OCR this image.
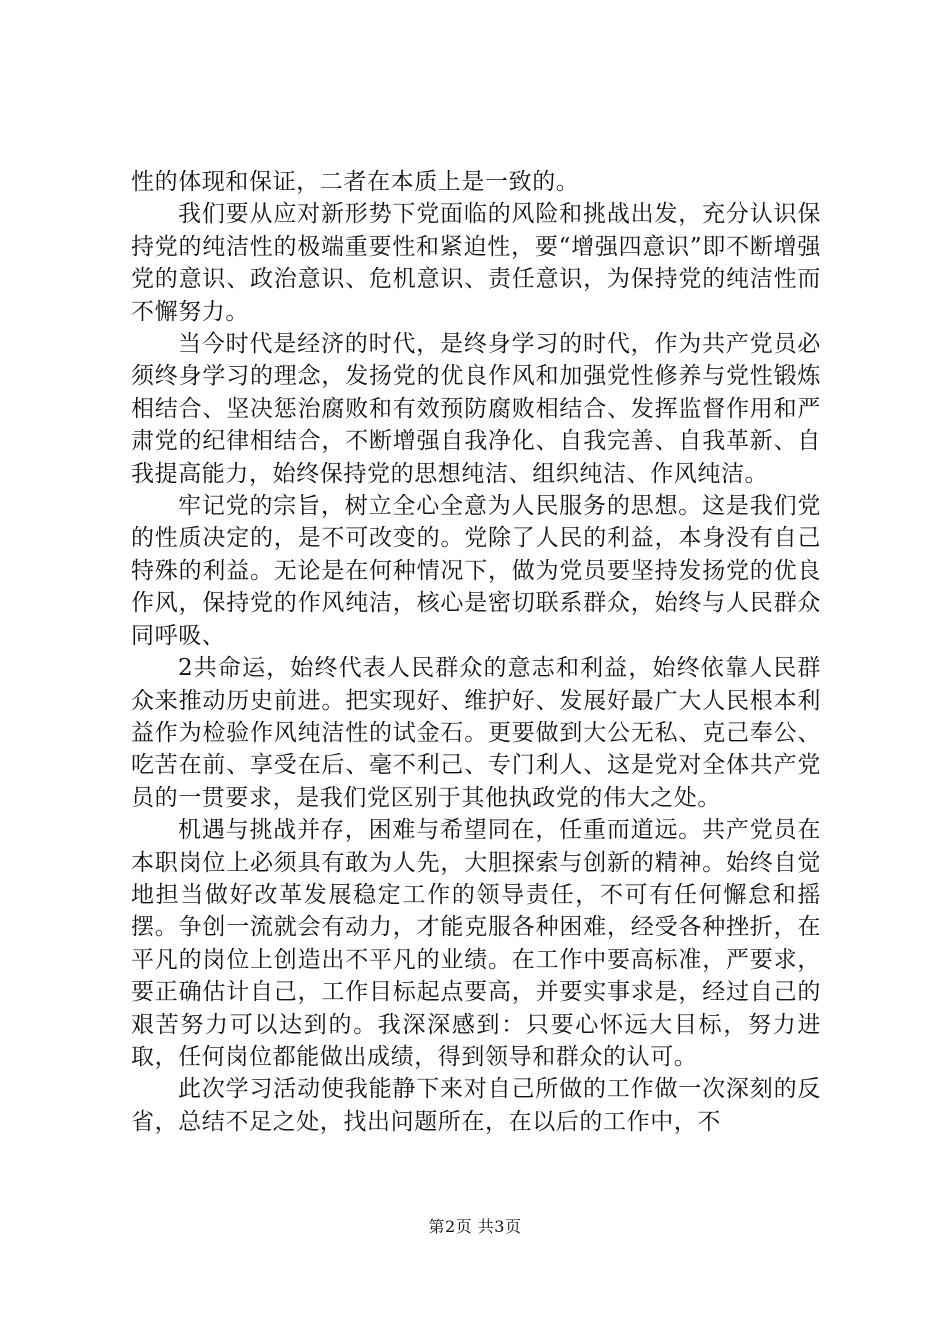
性的体现和保证，二者在本质上是一致的。

我们要从应对新形势下党面临的风险和挑战出发，充分认识保持党的纯洁性的极端重要性和紧迫性，要“增强四意识”即不断增强党的意识、政治意识、危机意识、责任意识，为保持党的纯洁性而不懈努力。

当今时代是经济的时代，是终身学习的时代，作为共产党员必须终身学习的理念，发扬党的优良作风和加强党性修养与党性锻炼相结合、坚决惩治腐败和有效预防腐败相结合、发挥监督作用和严肃党的纪律相结合，不断增强自我净化、自我完善、自我革新、自我提高能力，始终保持党的思想纯洁、组织纯洁、作风纯洁。

牢记党的宗旨，树立全心全意为人民服务的思想。这是我们党的性质决定的，是不可改变的。党除了人民的利益，本身没有自己特殊的利益。无论是在何种情况下，做为党员要坚持发扬党的优良作风，保持党的作风纯洁，核心是密切联系群众，始终与人民群众同呼吸、

2共命运，始终代表人民群众的意志和利益，始终依靠人民群众来推动历史前进。把实现好、维护好、发展好最广大人民根本利益作为检验作风纯洁性的试金石。更要做到大公无私、克己奉公、吃苦在前、享受在后、毫不利己、专门利人、这是党对全体共产党员的一贯要求，是我们党区别于其他执政党的伟大之处。

机遇与挑战并存，困难与希望同在，任重而道远。共产党员在本职岗位上必须具有敢为人先，大胆探索与创新的精神。始终自觉地担当做好改革发展稳定工作的领导责任，不可有任何懈怠和摇摆。争创一流就会有动力，才能克服各种困难，经受各种挫折，在平凡的岗位上创造出不平凡的业绩。在工作中要高标准，严要求，要正确估计自己，工作目标起点要高，并要实事求是，经过自己的艰苦努力可以达到的。我深深感到：只要心怀远大目标，努力进取，任何岗位都能做出成绩，得到领导和群众的认可。

此次学习活动使我能静下来对自己所做的工作做一次深刻的反省，总结不足之处，找出问题所在，在以后的工作中，不

第2页 共3页
